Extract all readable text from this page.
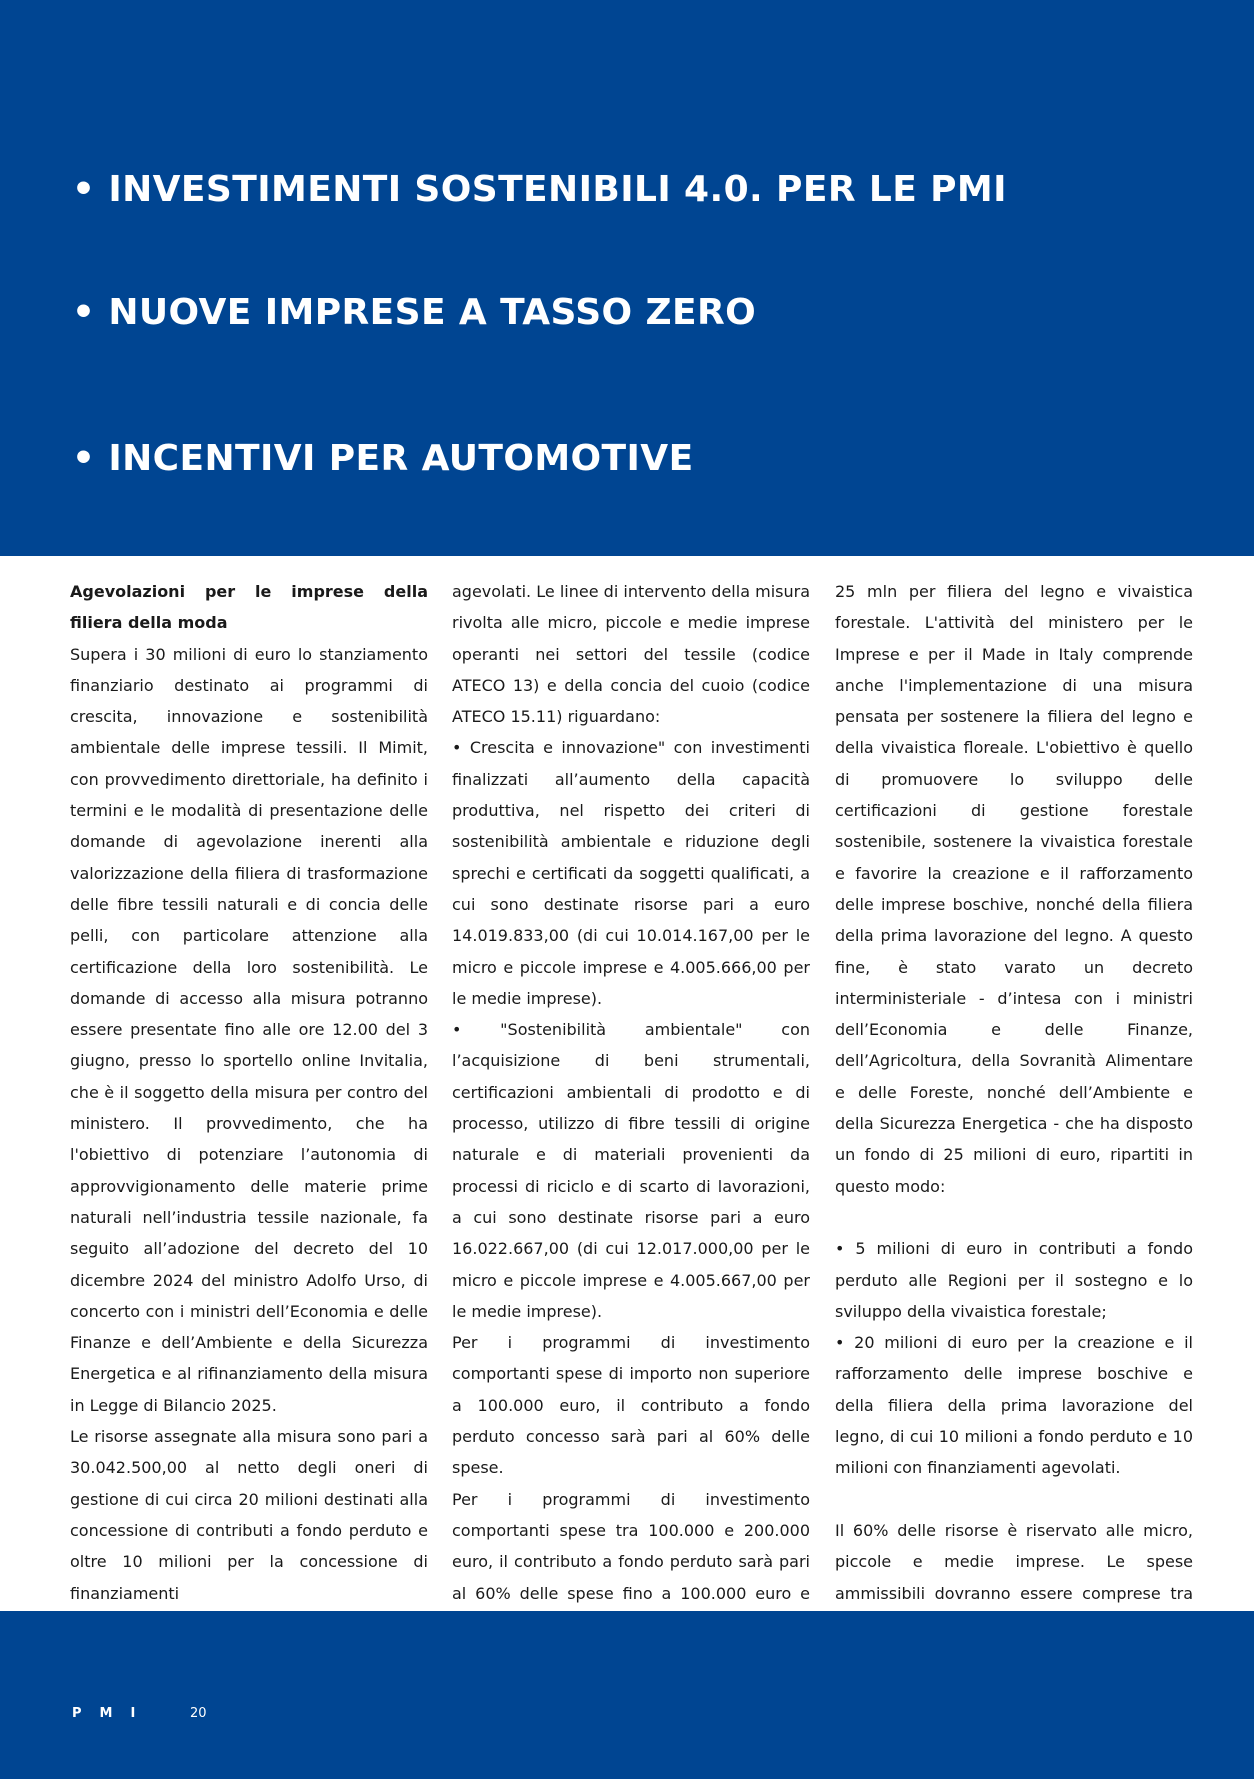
• INVESTIMENTI SOSTENIBILI 4.0. PER LE PMI
• NUOVE IMPRESE A TASSO ZERO
• INCENTIVI PER AUTOMOTIVE

Agevolazioni per le imprese della filiera della moda

Supera i 30 milioni di euro lo stanziamento finanziario destinato ai programmi di crescita, innovazione e sostenibilità ambientale delle imprese tessili. Il Mimit, con provvedimento direttoriale, ha definito i termini e le modalità di presentazione delle domande di agevolazione inerenti alla valorizzazione della filiera di trasformazione delle fibre tessili naturali e di concia delle pelli, con particolare attenzione alla certificazione della loro sostenibilità. Le domande di accesso alla misura potranno essere presentate fino alle ore 12.00 del 3 giugno, presso lo sportello online Invitalia, che è il soggetto della misura per contro del ministero. Il provvedimento, che ha l'obiettivo di potenziare l’autonomia di approvvigionamento delle materie prime naturali nell’industria tessile nazionale, fa seguito all’adozione del decreto del 10 dicembre 2024 del ministro Adolfo Urso, di concerto con i ministri dell’Economia e delle Finanze e dell’Ambiente e della Sicurezza Energetica e al rifinanziamento della misura in Legge di Bilancio 2025.

Le risorse assegnate alla misura sono pari a 30.042.500,00 al netto degli oneri di gestione di cui circa 20 milioni destinati alla concessione di contributi a fondo perduto e oltre 10 milioni per la concessione di finanziamenti

agevolati. Le linee di intervento della misura rivolta alle micro, piccole e medie imprese operanti nei settori del tessile (codice ATECO 13) e della concia del cuoio (codice ATECO 15.11) riguardano:

• Crescita e innovazione" con investimenti finalizzati all’aumento della capacità produttiva, nel rispetto dei criteri di sostenibilità ambientale e riduzione degli sprechi e certificati da soggetti qualificati, a cui sono destinate risorse pari a euro 14.019.833,00 (di cui 10.014.167,00 per le micro e piccole imprese e 4.005.666,00 per le medie imprese).

• "Sostenibilità ambientale" con l’acquisizione di beni strumentali, certificazioni ambientali di prodotto e di processo, utilizzo di fibre tessili di origine naturale e di materiali provenienti da processi di riciclo e di scarto di lavorazioni, a cui sono destinate risorse pari a euro 16.022.667,00 (di cui 12.017.000,00 per le micro e piccole imprese e 4.005.667,00 per le medie imprese).

Per i programmi di investimento comportanti spese di importo non superiore a 100.000 euro, il contributo a fondo perduto concesso sarà pari al 60% delle spese.

Per i programmi di investimento comportanti spese tra 100.000 e 200.000 euro, il contributo a fondo perduto sarà pari al 60% delle spese fino a 100.000 euro e

25 mln per filiera del legno e vivaistica forestale. L'attività del ministero per le Imprese e per il Made in Italy comprende anche l'implementazione di una misura pensata per sostenere la filiera del legno e della vivaistica floreale. L'obiettivo è quello di promuovere lo sviluppo delle certificazioni di gestione forestale sostenibile, sostenere la vivaistica forestale e favorire la creazione e il rafforzamento delle imprese boschive, nonché della filiera della prima lavorazione del legno. A questo fine, è stato varato un decreto interministeriale - d’intesa con i ministri dell’Economia e delle Finanze, dell’Agricoltura, della Sovranità Alimentare e delle Foreste, nonché dell’Ambiente e della Sicurezza Energetica - che ha disposto un fondo di 25 milioni di euro, ripartiti in questo modo:

• 5 milioni di euro in contributi a fondo perduto alle Regioni per il sostegno e lo sviluppo della vivaistica forestale;

• 20 milioni di euro per la creazione e il rafforzamento delle imprese boschive e della filiera della prima lavorazione del legno, di cui 10 milioni a fondo perduto e 10 milioni con finanziamenti agevolati.

Il 60% delle risorse è riservato alle micro, piccole e medie imprese. Le spese ammissibili dovranno essere comprese tra

PMI	20
